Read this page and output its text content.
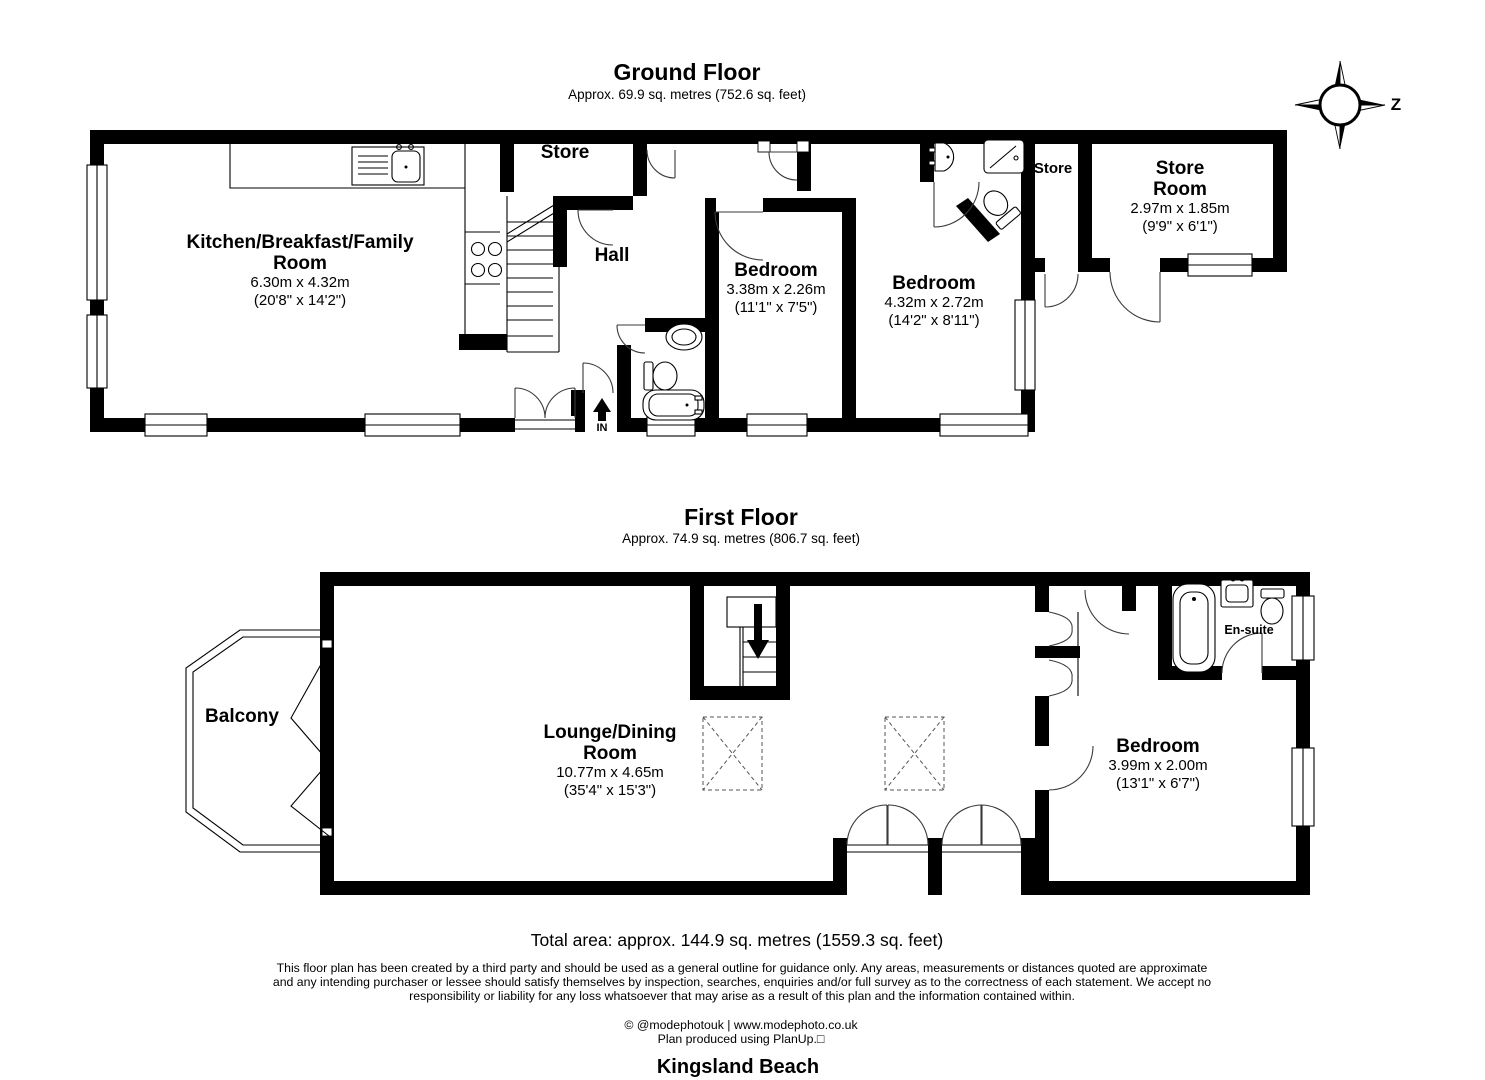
Ground Floor
Approx. 69.9 sq. metres (752.6 sq. feet)
Kitchen/Breakfast/Family Room
6.30m x 4.32m
(20'8" x 14'2")
Hall
Store
Bedroom
3.38m x 2.26m
(11'1" x 7'5")
Bedroom
4.32m x 2.72m
(14'2" x 8'11")
Store	Store Room
2.97m x 1.85m
(9'9" x 6'1")
IN
First Floor
Approx. 74.9 sq. metres (806.7 sq. feet)
Balcony
Lounge/Dining Room
10.77m x 4.65m
(35'4" x 15'3")
Bedroom
3.99m x 2.00m
(13'1" x 6'7")
En-suite
Z
Total area: approx. 144.9 sq. metres (1559.3 sq. feet)
This floor plan has been created by a third party and should be used as a general outline for guidance only. Any areas, measurements or distances quoted are approximate
and any intending purchaser or lessee should satisfy themselves by inspection, searches, enquiries and/or full survey as to the correctness of each statement. We accept no
responsibility or liability for any loss whatsoever that may arise as a result of this plan and the information contained within.
© @modephotouk | www.modephoto.co.uk
Plan produced using PlanUp.□
Kingsland Beach
